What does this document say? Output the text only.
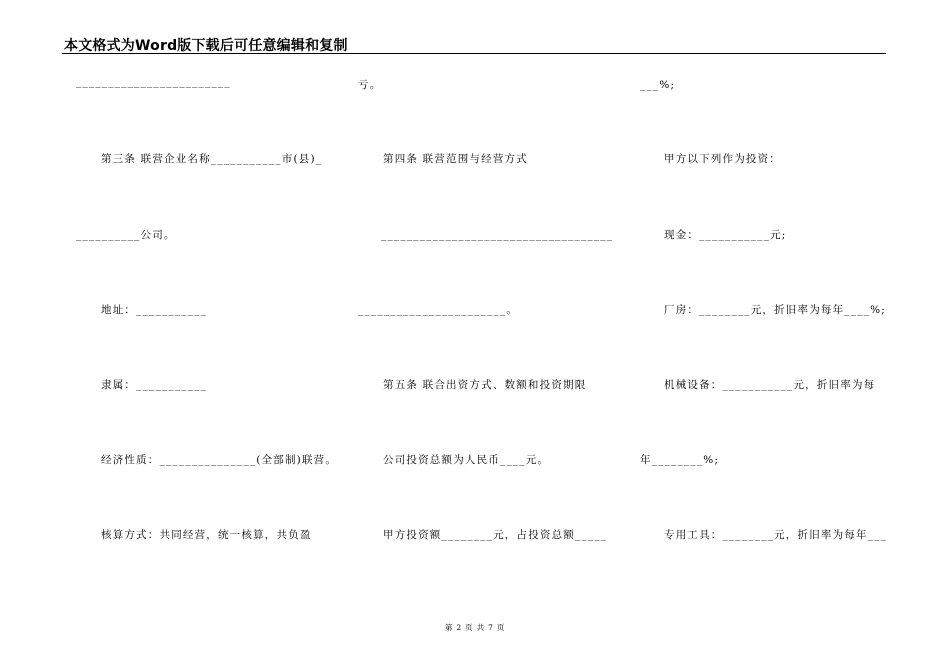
本文格式为Word版下载后可任意编辑和复制
________________________
第三条 联营企业名称___________市(县)_
__________公司。
地址：___________
隶属：___________
经济性质：_______________(全部制)联营。
核算方式：共同经营，统一核算，共负盈
亏。
第四条 联营范围与经营方式
____________________________________
_______________________。
第五条 联合出资方式、数额和投资期限
公司投资总额为人民币____元。
甲方投资额________元，占投资总额_____
___%;
甲方以下列作为投资：
现金：___________元;
厂房：________元，折旧率为每年____%;
机械设备：___________元，折旧率为每
年________%;
专用工具：________元，折旧率为每年___
第 2 页 共 7 页
